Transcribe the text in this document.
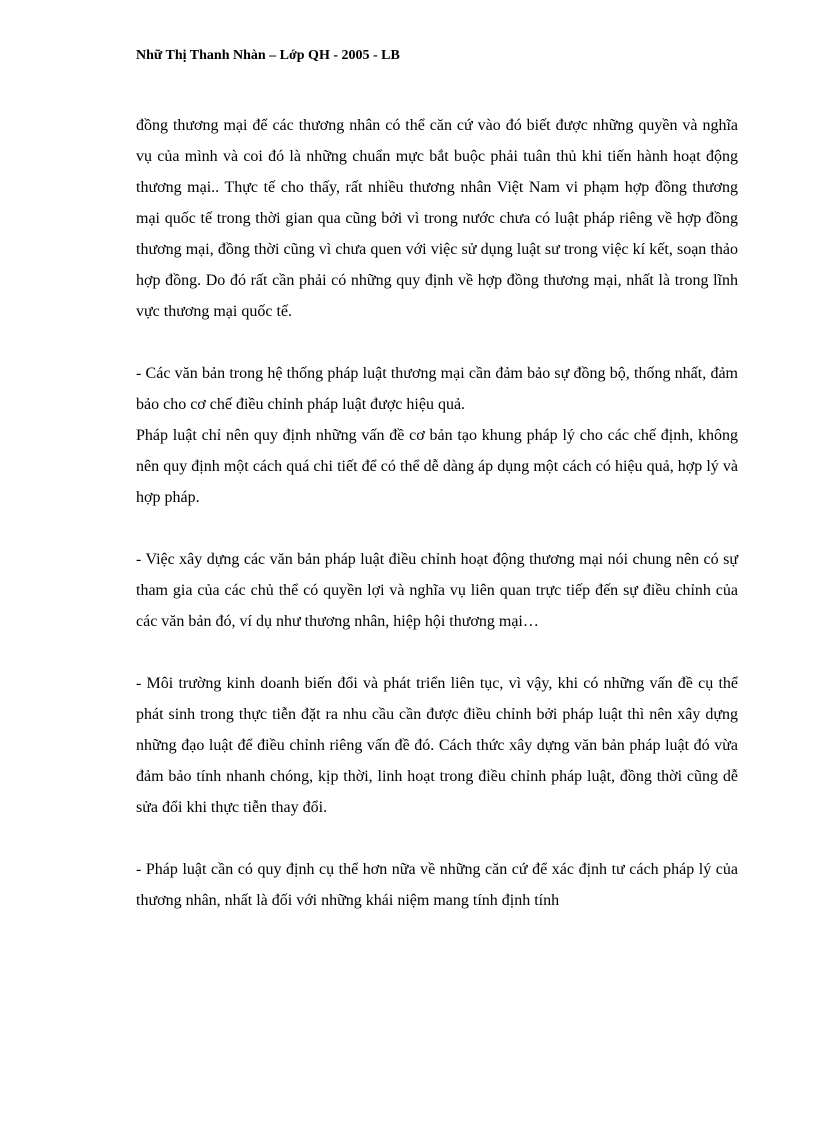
Nhữ Thị Thanh Nhàn – Lớp QH - 2005 - LB

đồng thương mại để các thương nhân có thể căn cứ vào đó biết được những quyền và nghĩa vụ của mình và coi đó là những chuẩn mực bắt buộc phải tuân thủ khi tiến hành hoạt động thương mại.. Thực tế cho thấy, rất nhiều thương nhân Việt Nam vi phạm hợp đồng thương mại quốc tế trong thời gian qua cũng bởi vì trong nước chưa có luật pháp riêng về hợp đồng thương mại, đồng thời cũng vì chưa quen với việc sử dụng luật sư trong việc kí kết, soạn thảo hợp đồng. Do đó rất cần phải có những quy định về hợp đồng thương mại, nhất là trong lĩnh vực thương mại quốc tế.

- Các văn bản trong hệ thống pháp luật thương mại cần đảm bảo sự đồng bộ, thống nhất, đảm bảo cho cơ chế điều chỉnh pháp luật được hiệu quả.

Pháp luật chỉ nên quy định những vấn đề cơ bản tạo khung pháp lý cho các chế định, không nên quy định một cách quá chi tiết để có thể dễ dàng áp dụng một cách có hiệu quả, hợp lý và hợp pháp.

- Việc xây dựng các văn bản pháp luật điều chỉnh hoạt động thương mại nói chung nên có sự tham gia của các chủ thể có quyền lợi và nghĩa vụ liên quan trực tiếp đến sự điều chỉnh của các văn bản đó, ví dụ như thương nhân, hiệp hội thương mại…

- Môi trường kinh doanh biến đổi và phát triển liên tục, vì vậy, khi có những vấn đề cụ thể phát sinh trong thực tiễn đặt ra nhu cầu cần được điều chỉnh bởi pháp luật thì nên xây dựng những đạo luật để điều chỉnh riêng vấn đề đó. Cách thức xây dựng văn bản pháp luật đó vừa đảm bảo tính nhanh chóng, kịp thời, linh hoạt trong điều chỉnh pháp luật, đồng thời cũng dễ sửa đổi khi thực tiễn thay đổi.

- Pháp luật cần có quy định cụ thể hơn nữa về những căn cứ để xác định tư cách pháp lý của thương nhân, nhất là đối với những khái niệm mang tính định tính
